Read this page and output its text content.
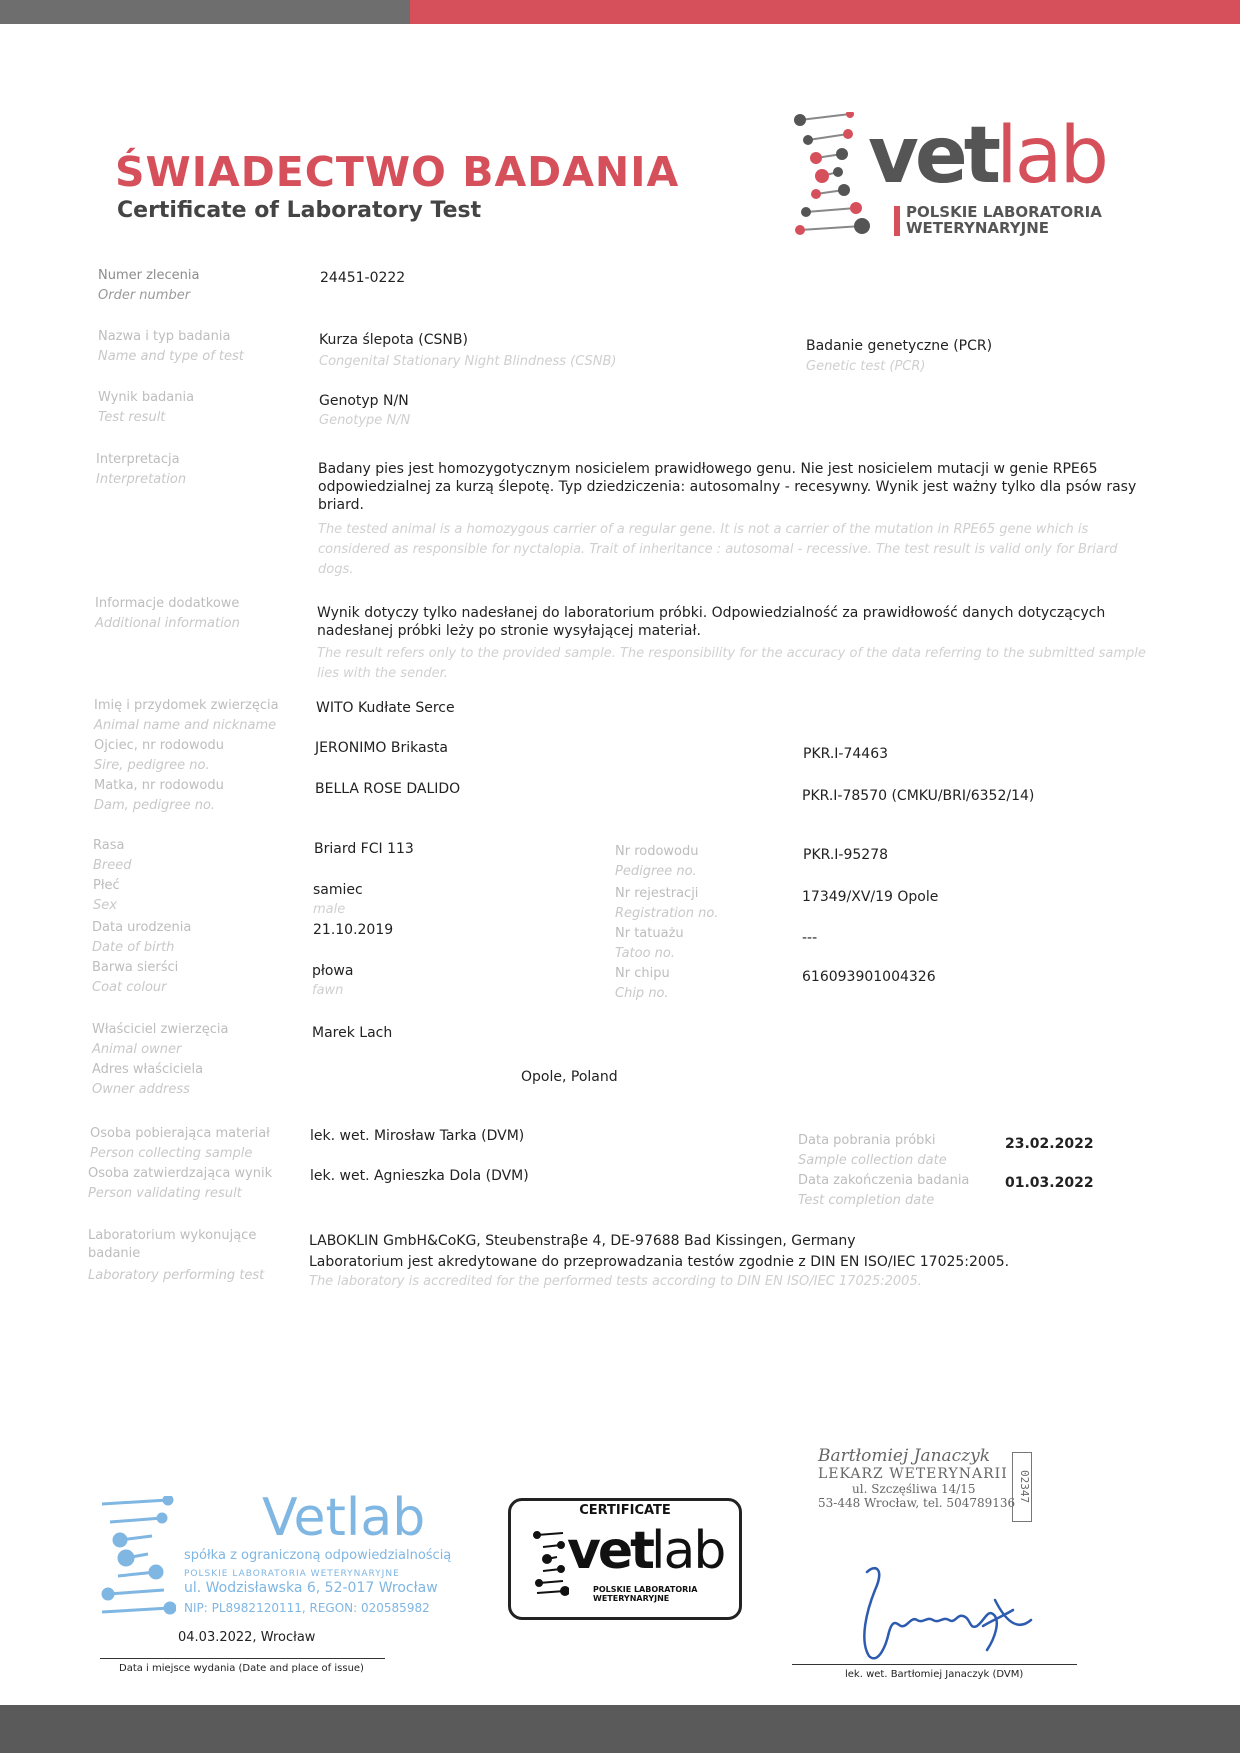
ŚWIADECTWO BADANIA
Certificate of Laboratory Test
vet
lab
POLSKIE LABORATORIA
WETERYNARYJNE
Numer zlecenia
Order number
24451-0222
Nazwa i typ badania
Name and type of test
Kurza ślepota (CSNB)
Congenital Stationary Night Blindness (CSNB)
Badanie genetyczne (PCR)
Genetic test (PCR)
Wynik badania
Test result
Genotyp N/N
Genotype N/N
Interpretacja
Interpretation
Badany pies jest homozygotycznym nosicielem prawidłowego genu. Nie jest nosicielem mutacji w genie RPE65 odpowiedzialnej za kurzą ślepotę. Typ dziedziczenia: autosomalny - recesywny. Wynik jest ważny tylko dla psów rasy briard.
The tested animal is a homozygous carrier of a regular gene. It is not a carrier of the mutation in RPE65 gene which is considered as responsible for nyctalopia. Trait of inheritance : autosomal - recessive. The test result is valid only for Briard dogs.
Informacje dodatkowe
Additional information
Wynik dotyczy tylko nadesłanej do laboratorium próbki. Odpowiedzialność za prawidłowość danych dotyczących nadesłanej próbki leży po stronie wysyłającej materiał.
The result refers only to the provided sample. The responsibility for the accuracy of the data referring to the submitted sample lies with the sender.
Imię i przydomek zwierzęcia
Animal name and nickname
WITO Kudłate Serce
Ojciec, nr rodowodu
Sire, pedigree no.
JERONIMO Brikasta	PKR.I-74463
Matka, nr rodowodu
Dam, pedigree no.
BELLA ROSE DALIDO	PKR.I-78570 (CMKU/BRI/6352/14)
Rasa
Breed
Briard FCI 113
Płeć
Sex
samiec
male
Data urodzenia
Date of birth
21.10.2019
Barwa sierści
Coat colour
płowa
fawn
Nr rodowodu
Pedigree no.
PKR.I-95278
Nr rejestracji
Registration no.
17349/XV/19 Opole
Nr tatuażu
Tatoo no.
---
Nr chipu
Chip no.
616093901004326
Właściciel zwierzęcia
Animal owner
Marek Lach
Adres właściciela
Owner address
Opole, Poland
Osoba pobierająca materiał
Person collecting sample
lek. wet. Mirosław Tarka (DVM)
Osoba zatwierdzająca wynik
Person validating result
lek. wet. Agnieszka Dola (DVM)
Data pobrania próbki
Sample collection date
23.02.2022
Data zakończenia badania
Test completion date
01.03.2022
Laboratorium wykonujące
badanie
Laboratory performing test
LABOKLIN GmbH&CoKG, Steubenstraβe 4, DE-97688 Bad Kissingen, Germany
Laboratorium jest akredytowane do przeprowadzania testów zgodnie z DIN EN ISO/IEC 17025:2005.
The laboratory is accredited for the performed tests according to DIN EN ISO/IEC 17025:2005.
Vetlab
spółka z ograniczoną odpowiedzialnością
POLSKIE LABORATORIA WETERYNARYJNE
ul. Wodzisławska 6, 52-017 Wrocław
NIP: PL8982120111, REGON: 020585982
04.03.2022, Wrocław
Data i miejsce wydania (Date and place of issue)
CERTIFICATE
vet
lab
POLSKIE LABORATORIA
WETERYNARYJNE
Bartłomiej Janaczyk
LEKARZ WETERYNARII
ul. Szczęśliwa 14/15
53-448 Wrocław, tel. 504789136 02347
lek. wet. Bartłomiej Janaczyk (DVM)
